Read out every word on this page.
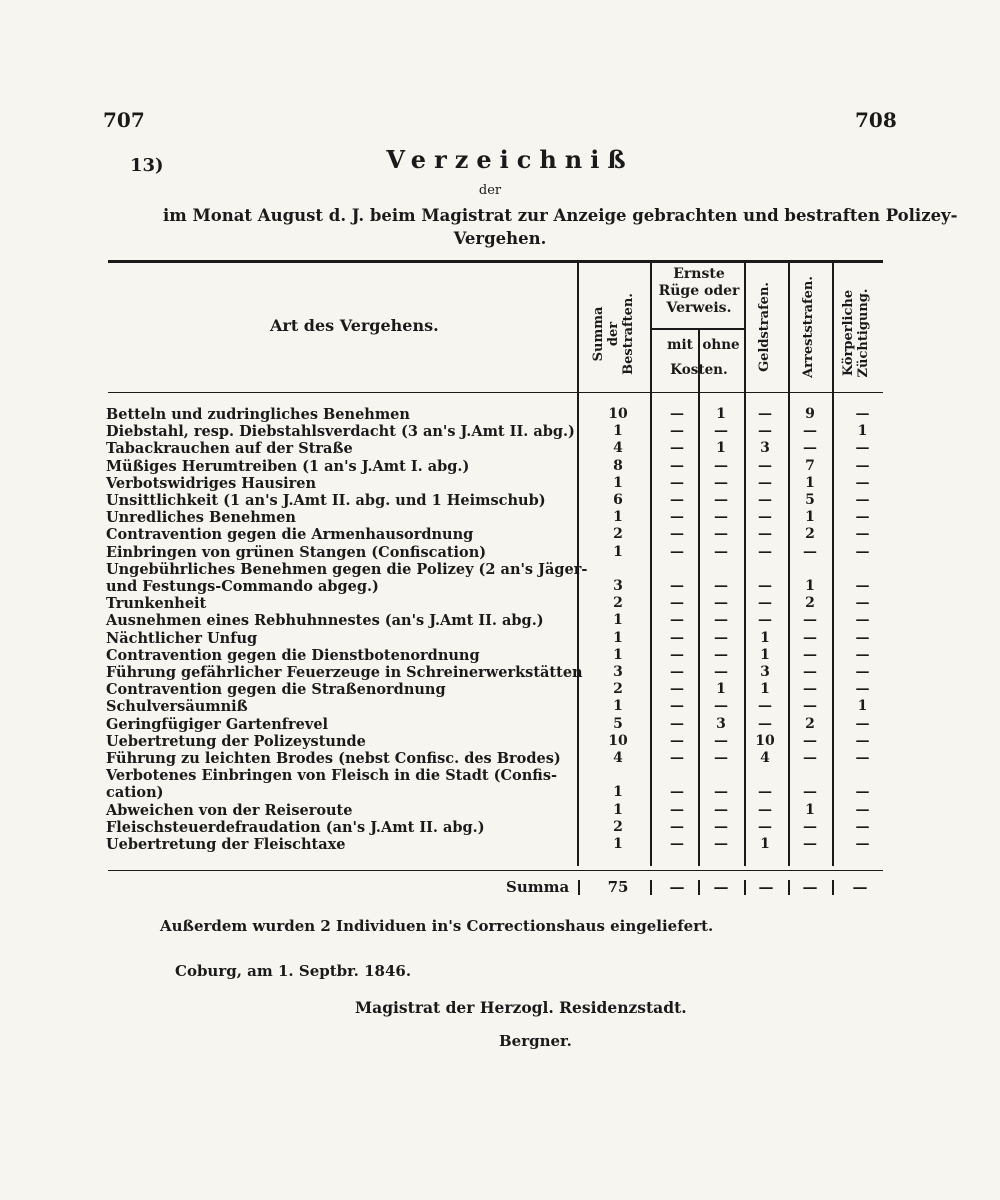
707	708
13)	Verzeichniß
der
im Monat August d. J. beim Magistrat zur Anzeige gebrachten und bestraften Polizey-
Vergehen.
Art des Vergehens.	Summa
der
Bestraften.
Ernste Rüge oder Verweis.
mit ohne
Kosten.	Geldstrafen. Arreststrafen. Körperliche
Züchtigung.
Betteln und zudringliches Benehmen	10	—	1	—	9	—
Diebstahl, resp. Diebstahlsverdacht (3 an's J.Amt II. abg.)	1	—	—	—	—	1
Tabackrauchen auf der Straße	4	—	1	3	—	—
Müßiges Herumtreiben (1 an's J.Amt I. abg.)	8	—	—	—	7	—
Verbotswidriges Hausiren	1	—	—	—	1	—
Unsittlichkeit (1 an's J.Amt II. abg. und 1 Heimschub)	6	—	—	—	5	—
Unredliches Benehmen	1	—	—	—	1	—
Contravention gegen die Armenhausordnung	2	—	—	—	2	—
Einbringen von grünen Stangen (Confiscation)	1	—	—	—	—	—
Ungebührliches Benehmen gegen die Polizey (2 an's Jäger-
und Festungs-Commando abgeg.)	3	—	—	—	1	—
Trunkenheit	2	—	—	—	2	—
Ausnehmen eines Rebhuhnnestes (an's J.Amt II. abg.)	1	—	—	—	—	—
Nächtlicher Unfug	1	—	—	1	—	—
Contravention gegen die Dienstbotenordnung	1	—	—	1	—	—
Führung gefährlicher Feuerzeuge in Schreinerwerkstätten	3	—	—	3	—	—
Contravention gegen die Straßenordnung	2	—	1	1	—	—
Schulversäumniß	1	—	—	—	—	1
Geringfügiger Gartenfrevel	5	—	3	—	2	—
Uebertretung der Polizeystunde	10	—	—	10	—	—
Führung zu leichten Brodes (nebst Confisc. des Brodes)	4	—	—	4	—	—
Verbotenes Einbringen von Fleisch in die Stadt (Confis-
cation)	1	—	—	—	—	—
Abweichen von der Reiseroute	1	—	—	—	1	—
Fleischsteuerdefraudation (an's J.Amt II. abg.)	2	—	—	—	—	—
Uebertretung der Fleischtaxe	1	—	—	1	—	—
Summa	75	—	—	—	—	—
Außerdem wurden 2 Individuen in's Correctionshaus eingeliefert.
Coburg, am 1. Septbr. 1846.
Magistrat der Herzogl. Residenzstadt.
Bergner.
